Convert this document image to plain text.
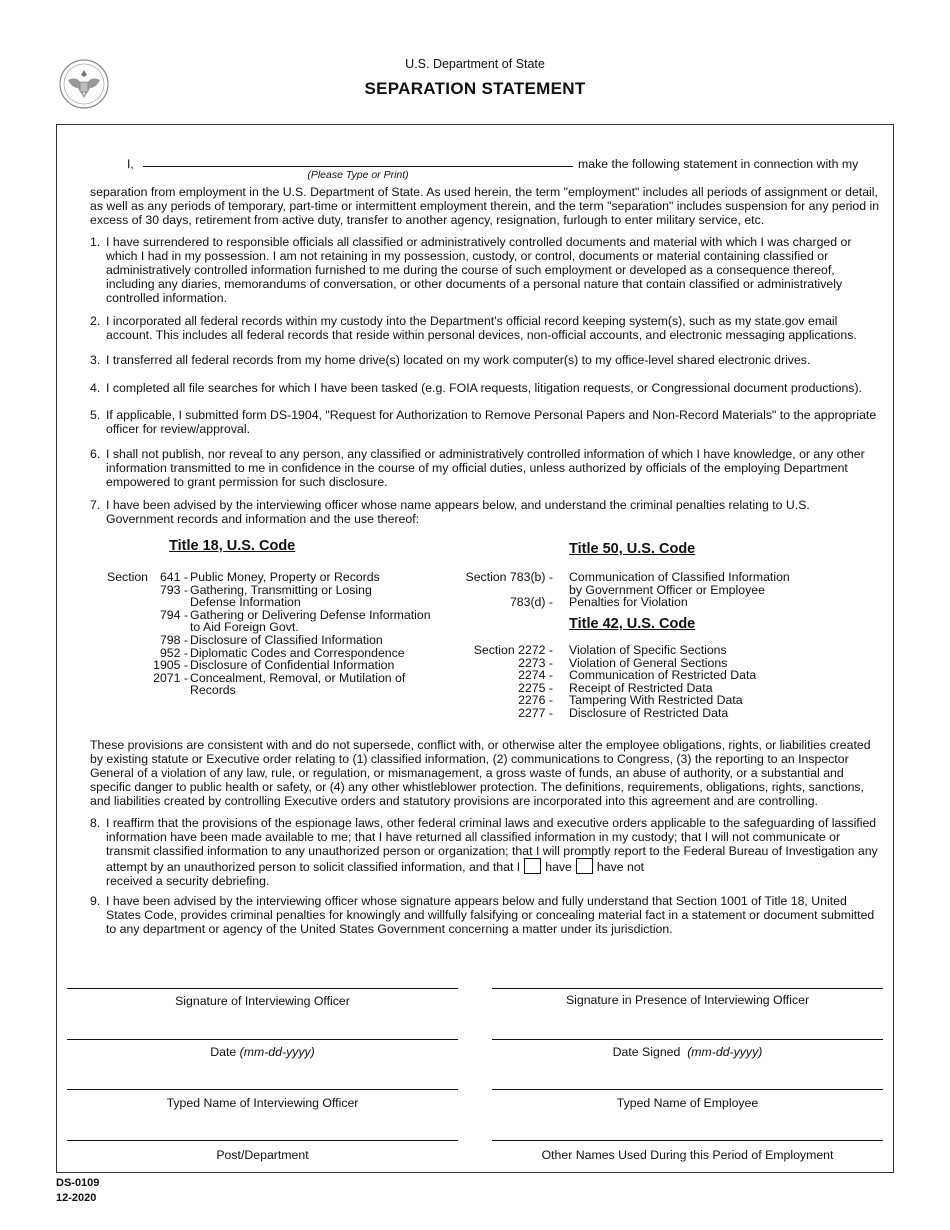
U.S. Department of State
SEPARATION STATEMENT
I,
(Please Type or Print)
make the following statement in connection with my
separation from employment in the U.S. Department of State. As used herein, the term "employment" includes all periods of assignment or detail, as well as any periods of temporary, part-time or intermittent employment therein, and the term "separation" includes suspension for any period in excess of 30 days, retirement from active duty, transfer to another agency, resignation, furlough to enter military service, etc.
1. I have surrendered to responsible officials all classified or administratively controlled documents and material with which I was charged or which I had in my possession. I am not retaining in my possession, custody, or control, documents or material containing classified or administratively controlled information furnished to me during the course of such employment or developed as a consequence thereof, including any diaries, memorandums of conversation, or other documents of a personal nature that contain classified or administratively controlled information.
2. I incorporated all federal records within my custody into the Department's official record keeping system(s), such as my state.gov email account. This includes all federal records that reside within personal devices, non-official accounts, and electronic messaging applications.
3. I transferred all federal records from my home drive(s) located on my work computer(s) to my office-level shared electronic drives.
4. I completed all file searches for which I have been tasked (e.g. FOIA requests, litigation requests, or Congressional document productions).
5. If applicable, I submitted form DS-1904, "Request for Authorization to Remove Personal Papers and Non-Record Materials" to the appropriate officer for review/approval.
6. I shall not publish, nor reveal to any person, any classified or administratively controlled information of which I have knowledge, or any other information transmitted to me in confidence in the course of my official duties, unless authorized by officials of the employing Department empowered to grant permission for such disclosure.
7. I have been advised by the interviewing officer whose name appears below, and understand the criminal penalties relating to U.S. Government records and information and the use thereof:
Title 18, U.S. Code
Section 641 - Public Money, Property or Records
793 - Gathering, Transmitting or Losing
Defense Information
794 - Gathering or Delivering Defense Information
to Aid Foreign Govt.
798 - Disclosure of Classified Information
952 - Diplomatic Codes and Correspondence
1905 - Disclosure of Confidential Information
2071 - Concealment, Removal, or Mutilation of
Records
Title 50, U.S. Code
Section 783(b) - Communication of Classified Information
by Government Officer or Employee
783(d) - Penalties for Violation
Title 42, U.S. Code
Section 2272 - Violation of Specific Sections
2273 - Violation of General Sections
2274 - Communication of Restricted Data
2275 - Receipt of Restricted Data
2276 - Tampering With Restricted Data
2277 - Disclosure of Restricted Data
These provisions are consistent with and do not supersede, conflict with, or otherwise alter the employee obligations, rights, or liabilities created by existing statute or Executive order relating to (1) classified information, (2) communications to Congress, (3) the reporting to an Inspector General of a violation of any law, rule, or regulation, or mismanagement, a gross waste of funds, an abuse of authority, or a substantial and specific danger to public health or safety, or (4) any other whistleblower protection. The definitions, requirements, obligations, rights, sanctions, and liabilities created by controlling Executive orders and statutory provisions are incorporated into this agreement and are controlling.
8. I reaffirm that the provisions of the espionage laws, other federal criminal laws and executive orders applicable to the safeguarding of lassified information have been made available to me; that I have returned all classified information in my custody; that I will not communicate or transmit classified information to any unauthorized person or organization; that I will promptly report to the Federal Bureau of Investigation any attempt by an unauthorized person to solicit classified information, and that I have have not
received a security debriefing.
9. I have been advised by the interviewing officer whose signature appears below and fully understand that Section 1001 of Title 18, United States Code, provides criminal penalties for knowingly and willfully falsifying or concealing material fact in a statement or document submitted to any department or agency of the United States Government concerning a matter under its jurisdiction.
Signature of Interviewing Officer	Signature in Presence of Interviewing Officer
Date (mm-dd-yyyy)	Date Signed (mm-dd-yyyy)
Typed Name of Interviewing Officer	Typed Name of Employee
Post/Department	Other Names Used During this Period of Employment
DS-0109
12-2020
